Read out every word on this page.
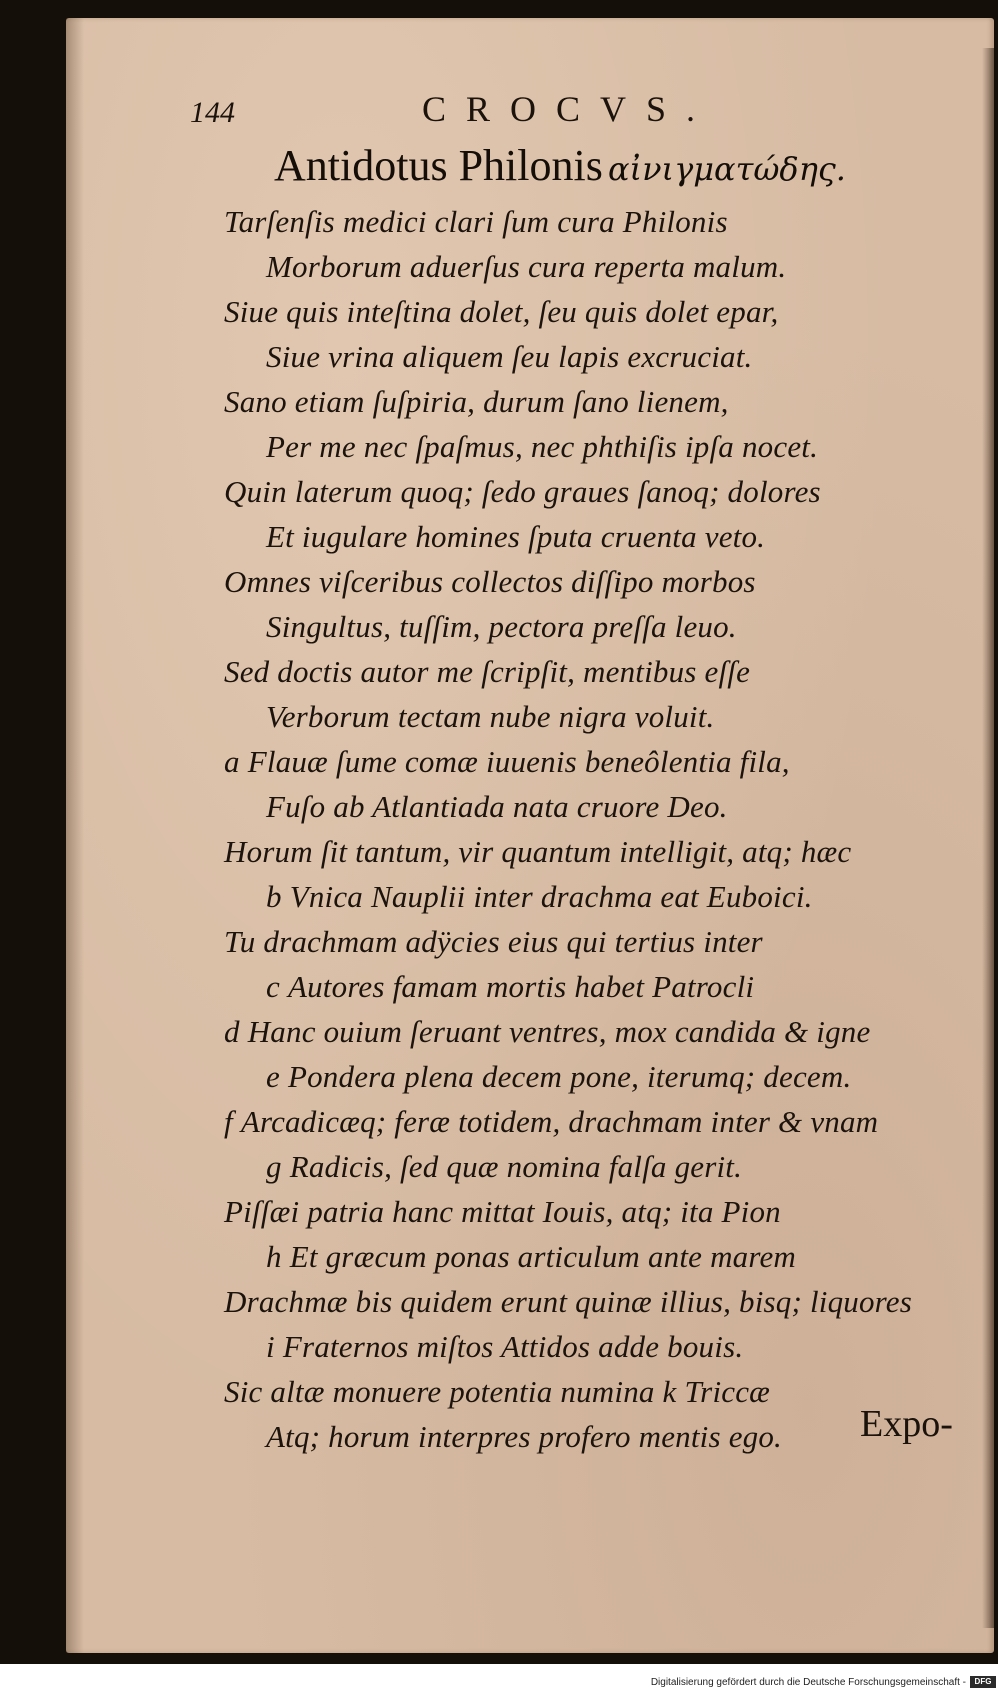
144	CROCVS.
Antidotus Philonis αἰνιγματώδης.
Tarſenſis medici clari ſum cura Philonis
Morborum aduerſus cura reperta malum.
Siue quis inteſtina dolet, ſeu quis dolet epar,
Siue vrina aliquem ſeu lapis excruciat.
Sano etiam ſuſpiria, durum ſano lienem,
Per me nec ſpaſmus, nec phthiſis ipſa nocet.
Quin laterum quoq; ſedo graues ſanoq; dolores
Et iugulare homines ſputa cruenta veto.
Omnes viſceribus collectos diſſipo morbos
Singultus, tuſſim, pectora preſſa leuo.
Sed doctis autor me ſcripſit, mentibus eſſe
Verborum tectam nube nigra voluit.
a Flauæ ſume comæ iuuenis beneôlentia fila,
Fuſo ab Atlantiada nata cruore Deo.
Horum ſit tantum, vir quantum intelligit, atq; hæc
b Vnica Nauplii inter drachma eat Euboici.
Tu drachmam adÿcies eius qui tertius inter
c Autores famam mortis habet Patrocli
d Hanc ouium ſeruant ventres, mox candida & igne
e Pondera plena decem pone, iterumq; decem.
f Arcadicæq; feræ totidem, drachmam inter & vnam
g Radicis, ſed quæ nomina falſa gerit.
Piſſæi patria hanc mittat Iouis, atq; ita Pion
h Et græcum ponas articulum ante marem
Drachmæ bis quidem erunt quinæ illius, bisq; liquores
i Fraternos miſtos Attidos adde bouis.
Sic altæ monuere potentia numina k Triccæ
Atq; horum interpres profero mentis ego. Expo-
Digitalisierung gefördert durch die Deutsche Forschungsgemeinschaft -	DFG
